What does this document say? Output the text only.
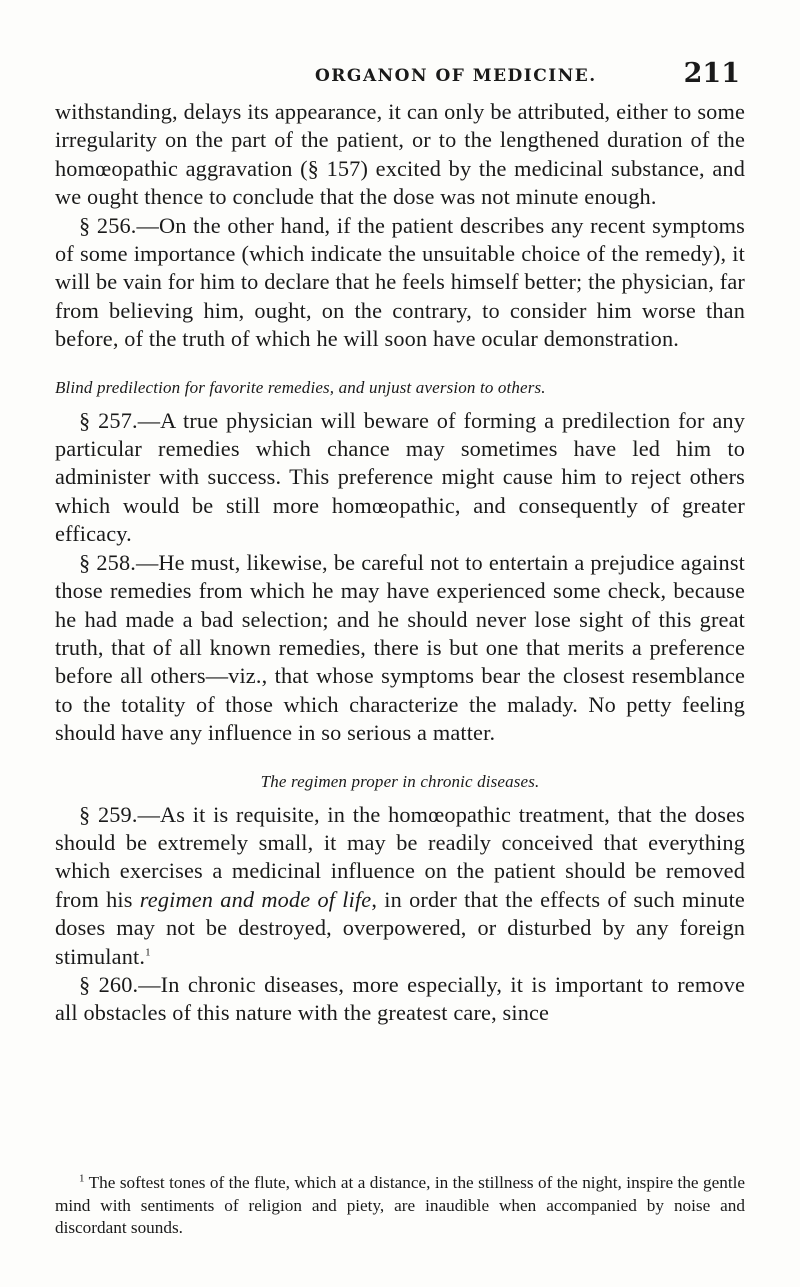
ORGANON OF MEDICINE.	211

withstanding, delays its appearance, it can only be attributed, either to some irregularity on the part of the patient, or to the lengthened duration of the homœopathic aggravation (§ 157) excited by the medicinal substance, and we ought thence to conclude that the dose was not minute enough.

§ 256.—On the other hand, if the patient describes any recent symptoms of some importance (which indicate the unsuitable choice of the remedy), it will be vain for him to declare that he feels himself better; the physician, far from believing him, ought, on the contrary, to consider him worse than before, of the truth of which he will soon have ocular demonstration.

Blind predilection for favorite remedies, and unjust aversion to others.

§ 257.—A true physician will beware of forming a predilection for any particular remedies which chance may sometimes have led him to administer with success. This preference might cause him to reject others which would be still more homœopathic, and consequently of greater efficacy.

§ 258.—He must, likewise, be careful not to entertain a prejudice against those remedies from which he may have experienced some check, because he had made a bad selection; and he should never lose sight of this great truth, that of all known remedies, there is but one that merits a preference before all others—viz., that whose symptoms bear the closest resemblance to the totality of those which characterize the malady. No petty feeling should have any influence in so serious a matter.

The regimen proper in chronic diseases.

§ 259.—As it is requisite, in the homœopathic treatment, that the doses should be extremely small, it may be readily conceived that everything which exercises a medicinal influence on the patient should be removed from his regimen and mode of life, in order that the effects of such minute doses may not be destroyed, overpowered, or disturbed by any foreign stimulant.$^1$

§ 260.—In chronic diseases, more especially, it is important to remove all obstacles of this nature with the greatest care, since

$^1$ The softest tones of the flute, which at a distance, in the stillness of the night, inspire the gentle mind with sentiments of religion and piety, are inaudible when accompanied by noise and discordant sounds.
